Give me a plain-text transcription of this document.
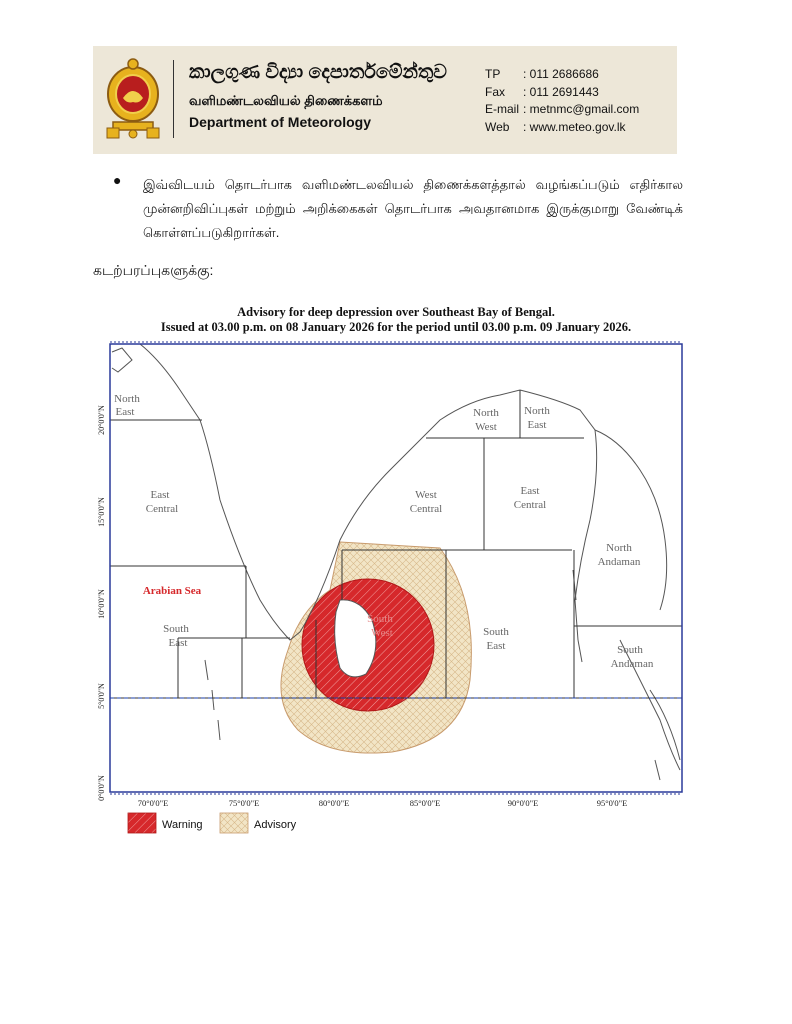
කාලගුණ විද්‍යා දෙපාර්තමේන්තුව
வளிமண்டலவியல் திணைக்களம்
Department of Meteorology
TP	: 011 2686686
Fax	: 011 2691443
E-mail : metnmc@gmail.com
Web	: www.meteo.gov.lk
● இவ்விடயம் தொடர்பாக வளிமண்டலவியல் திணைக்களத்தால் வழங்கப்படும் எதிர்கால முன்னறிவிப்புகள் மற்றும் அறிக்கைகள் தொடர்பாக அவதானமாக இருக்குமாறு வேண்டிக் கொள்ளப்படுகிறார்கள்.
கடற்பரப்புகளுக்கு:
Advisory for deep depression over Southeast Bay of Bengal.
Issued at 03.00 p.m. on 08 January 2026 for the period until 03.00 p.m. 09 January 2026.
North
East
East
Central
South
East
North
West
North
East
West
Central
East
Central
North
Andaman
South
West	South
East	South
Andaman
Arabian Sea
70°0'0"E	75°0'0"E	80°0'0"E	85°0'0"E	90°0'0"E	95°0'0"E
20°0'0"N
15°0'0"N
10°0'0"N
5°0'0"N
0°0'0"N
Warning	Advisory
